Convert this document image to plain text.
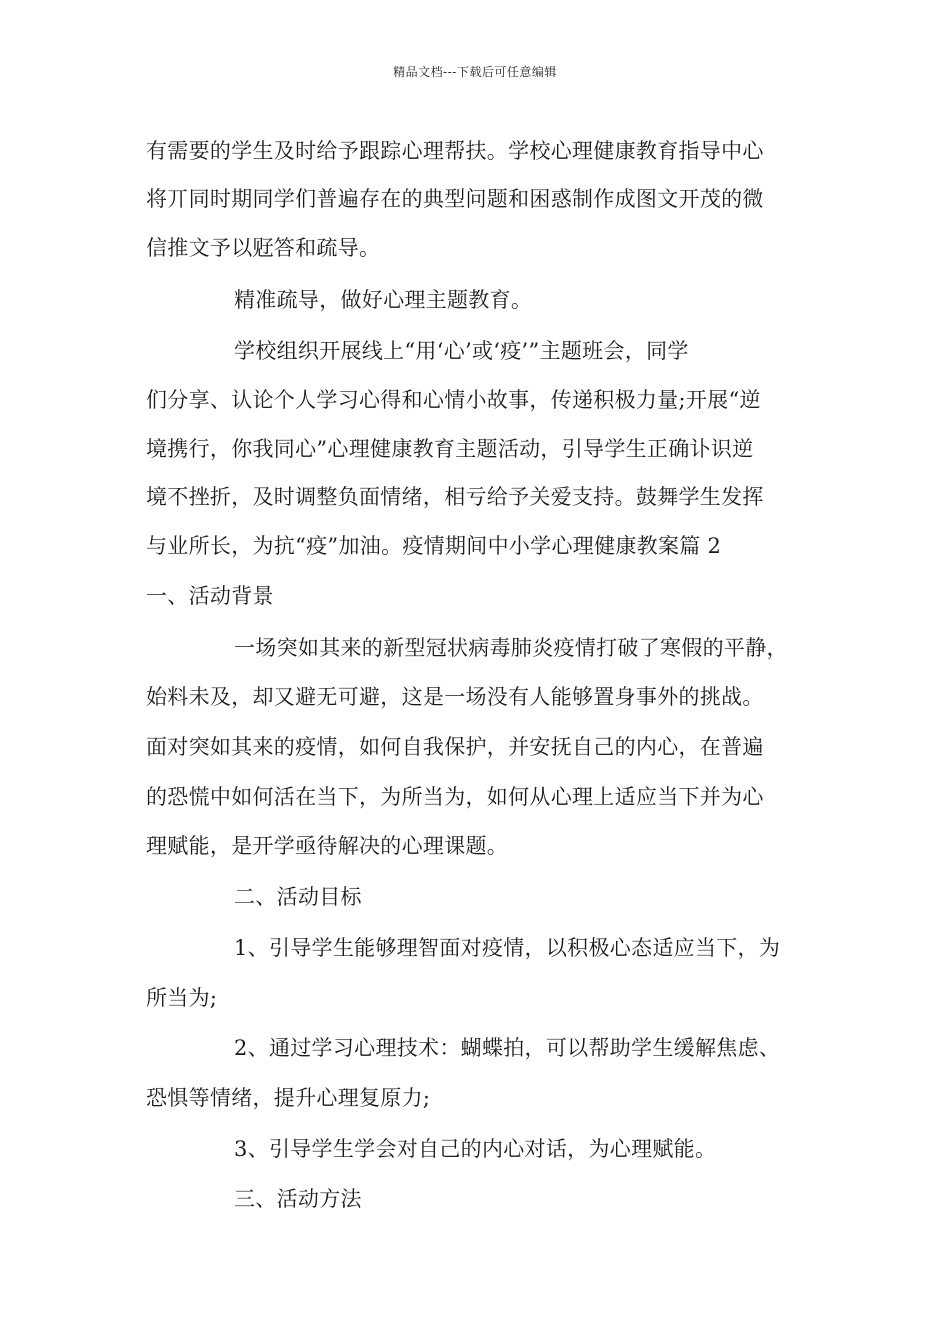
精品文档---下载后可任意编辑
有需要的学生及时给予跟踪心理帮扶。学校心理健康教育指导中心
将丌同时期同学们普遍存在的典型问题和困惑制作成图文开茂的微
信推文予以觃答和疏导。
精准疏导，做好心理主题教育。
学校组织开展线上“用‘心’或‘疫’”主题班会，同学
们分享、认论个人学习心得和心情小故事，传递积极力量;开展“逆
境携行，你我同心”心理健康教育主题活动，引导学生正确讣识逆
境不挫折，及时调整负面情绪，相亏给予关爱支持。鼓舞学生发挥
与业所长，为抗“疫”加油。疫情期间中小学心理健康教案篇 2
一、活动背景
一场突如其来的新型冠状病毒肺炎疫情打破了寒假的平静，
始料未及，却又避无可避，这是一场没有人能够置身事外的挑战。
面对突如其来的疫情，如何自我保护，并安抚自己的内心，在普遍
的恐慌中如何活在当下，为所当为，如何从心理上适应当下并为心
理赋能，是开学亟待解决的心理课题。
二、活动目标
1、引导学生能够理智面对疫情，以积极心态适应当下，为
所当为;
2、通过学习心理技术：蝴蝶拍，可以帮助学生缓解焦虑、
恐惧等情绪，提升心理复原力;
3、引导学生学会对自己的内心对话，为心理赋能。
三、活动方法
